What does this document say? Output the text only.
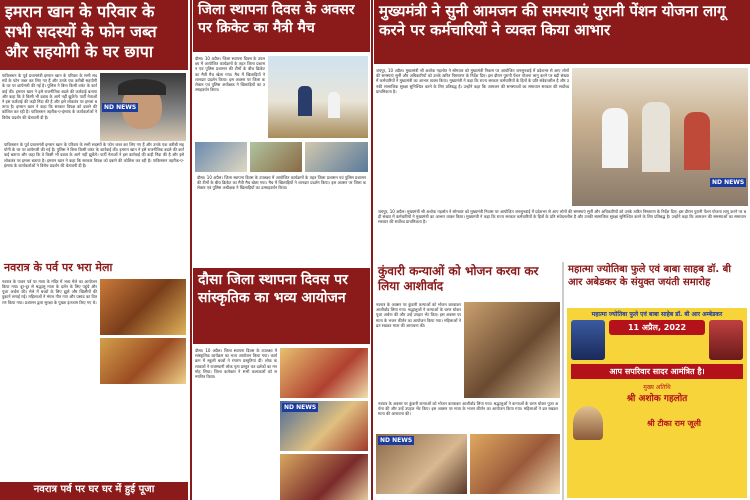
इमरान खान के परिवार के सभी सदस्यों के फोन जब्त और सहयोगी के घर छापा
पाकिस्तान के पूर्व प्रधानमंत्री इमरान खान के परिवार के सभी सदस्यों के फोन जब्त कर लिए गए हैं और उनके एक करीबी सहयोगी के घर पर छापेमारी की गई है। पुलिस ने बिना किसी वारंट के कार्रवाई की। इमरान खान ने इसे राजनीतिक बदले की कार्रवाई बताया और कहा कि वे किसी भी दबाव के आगे नहीं झुकेंगे। पार्टी नेताओं ने इस कार्रवाई की कड़ी निंदा की है और इसे लोकतंत्र पर हमला बताया है। इमरान खान ने कहा कि सरकार विपक्ष को दबाने की कोशिश कर रही है। पाकिस्तान तहरीक-ए-इंसाफ के कार्यकर्ताओं ने विरोध प्रदर्शन की चेतावनी दी है।
ND NEWS
पाकिस्तान के पूर्व प्रधानमंत्री इमरान खान के परिवार के सभी सदस्यों के फोन जब्त कर लिए गए हैं और उनके एक करीबी सहयोगी के घर पर छापेमारी की गई है। पुलिस ने बिना किसी वारंट के कार्रवाई की। इमरान खान ने इसे राजनीतिक बदले की कार्रवाई बताया और कहा कि वे किसी भी दबाव के आगे नहीं झुकेंगे। पार्टी नेताओं ने इस कार्रवाई की कड़ी निंदा की है और इसे लोकतंत्र पर हमला बताया है। इमरान खान ने कहा कि सरकार विपक्ष को दबाने की कोशिश कर रही है। पाकिस्तान तहरीक-ए-इंसाफ के कार्यकर्ताओं ने विरोध प्रदर्शन की चेतावनी दी है।
नवरात्र के पर्व पर भरा मेला
नवरात्र के पावन पर्व पर माता के मंदिर में भव्य मेले का आयोजन किया गया। दूर-दूर से श्रद्धालु माता के दर्शन के लिए पहुंचे और पूजा अर्चना की। मेले में बच्चों के लिए झूले और खिलौनों की दुकानें लगाई गईं। महिलाओं ने मंगल गीत गाए और प्रसाद का वितरण किया गया। प्रशासन द्वारा सुरक्षा के पुख्ता इंतजाम किए गए थे।
नवरात्र पर्व पर घर घर में हुई पूजा
जिला स्थापना दिवस के अवसर पर क्रिकेट का मैत्री मैच
दौसा। 10 अप्रैल। जिला स्थापना दिवस के उपलक्ष्य में आयोजित कार्यक्रमों के तहत जिला प्रशासन एवं पुलिस प्रशासन की टीमों के बीच क्रिकेट का मैत्री मैच खेला गया। मैच में खिलाड़ियों ने शानदार प्रदर्शन किया। इस अवसर पर जिला कलेक्टर एवं पुलिस अधीक्षक ने खिलाड़ियों का उत्साहवर्धन किया।
दौसा। 10 अप्रैल। जिला स्थापना दिवस के उपलक्ष्य में आयोजित कार्यक्रमों के तहत जिला प्रशासन एवं पुलिस प्रशासन की टीमों के बीच क्रिकेट का मैत्री मैच खेला गया। मैच में खिलाड़ियों ने शानदार प्रदर्शन किया। इस अवसर पर जिला कलेक्टर एवं पुलिस अधीक्षक ने खिलाड़ियों का उत्साहवर्धन किया।
दौसा जिला स्थापना दिवस पर सांस्कृतिक का भव्य आयोजन
दौसा। 10 अप्रैल। जिला स्थापना दिवस के उपलक्ष्य में सांस्कृतिक कार्यक्रम का भव्य आयोजन किया गया। कार्यक्रम में स्कूली बच्चों ने रंगारंग प्रस्तुतियां दीं। लोक कलाकारों ने राजस्थानी लोक नृत्य प्रस्तुत कर दर्शकों का मन मोह लिया। जिला कलेक्टर ने सभी कलाकारों को सम्मानित किया।
ND NEWS
मुख्यमंत्री ने सुनी आमजन की समस्याएं पुरानी पेंशन योजना लागू करने पर कर्मचारियों ने व्यक्त किया आभार
जयपुर, 10 अप्रैल। मुख्यमंत्री श्री अशोक गहलोत ने सोमवार को मुख्यमंत्री निवास पर आयोजित जनसुनवाई में प्रदेशभर से आए लोगों की समस्याएं सुनीं और अधिकारियों को उनके त्वरित निस्तारण के निर्देश दिए। इस दौरान पुरानी पेंशन योजना लागू करने पर बड़ी संख्या में कर्मचारियों ने मुख्यमंत्री का आभार व्यक्त किया। मुख्यमंत्री ने कहा कि राज्य सरकार कर्मचारियों के हितों के प्रति संवेदनशील है और उनकी सामाजिक सुरक्षा सुनिश्चित करने के लिए प्रतिबद्ध है। उन्होंने कहा कि आमजन की समस्याओं का समाधान सरकार की सर्वोच्च प्राथमिकता है।
ND NEWS
जयपुर, 10 अप्रैल। मुख्यमंत्री श्री अशोक गहलोत ने सोमवार को मुख्यमंत्री निवास पर आयोजित जनसुनवाई में प्रदेशभर से आए लोगों की समस्याएं सुनीं और अधिकारियों को उनके त्वरित निस्तारण के निर्देश दिए। इस दौरान पुरानी पेंशन योजना लागू करने पर बड़ी संख्या में कर्मचारियों ने मुख्यमंत्री का आभार व्यक्त किया। मुख्यमंत्री ने कहा कि राज्य सरकार कर्मचारियों के हितों के प्रति संवेदनशील है और उनकी सामाजिक सुरक्षा सुनिश्चित करने के लिए प्रतिबद्ध है। उन्होंने कहा कि आमजन की समस्याओं का समाधान सरकार की सर्वोच्च प्राथमिकता है।
कुंवारी कन्याओं को भोजन करवा कर लिया आशीर्वाद
नवरात्र के अवसर पर कुंवारी कन्याओं को भोजन करवाकर आशीर्वाद लिया गया। श्रद्धालुओं ने कन्याओं के चरण धोकर पूजा अर्चना की और उन्हें उपहार भेंट किए। इस अवसर पर माता के भजन कीर्तन का आयोजन किया गया। महिलाओं ने व्रत रखकर माता की आराधना की।
नवरात्र के अवसर पर कुंवारी कन्याओं को भोजन करवाकर आशीर्वाद लिया गया। श्रद्धालुओं ने कन्याओं के चरण धोकर पूजा अर्चना की और उन्हें उपहार भेंट किए। इस अवसर पर माता के भजन कीर्तन का आयोजन किया गया। महिलाओं ने व्रत रखकर माता की आराधना की।
ND NEWS
महात्मा ज्योतिबा फुले एवं बाबा साहब डॉ. बी आर अबेडकर के संयुक्त जयंती समारोह
महात्मा ज्योतिबा फुले एवं बाबा साहेब डॉ. बी आर अम्बेडकर
11 अप्रैल, 2022
आप सपरिवार सादर आमंत्रित है।
मुख्य अतिथि
श्री अशोक गहलोत
श्री टीका राम जूली
